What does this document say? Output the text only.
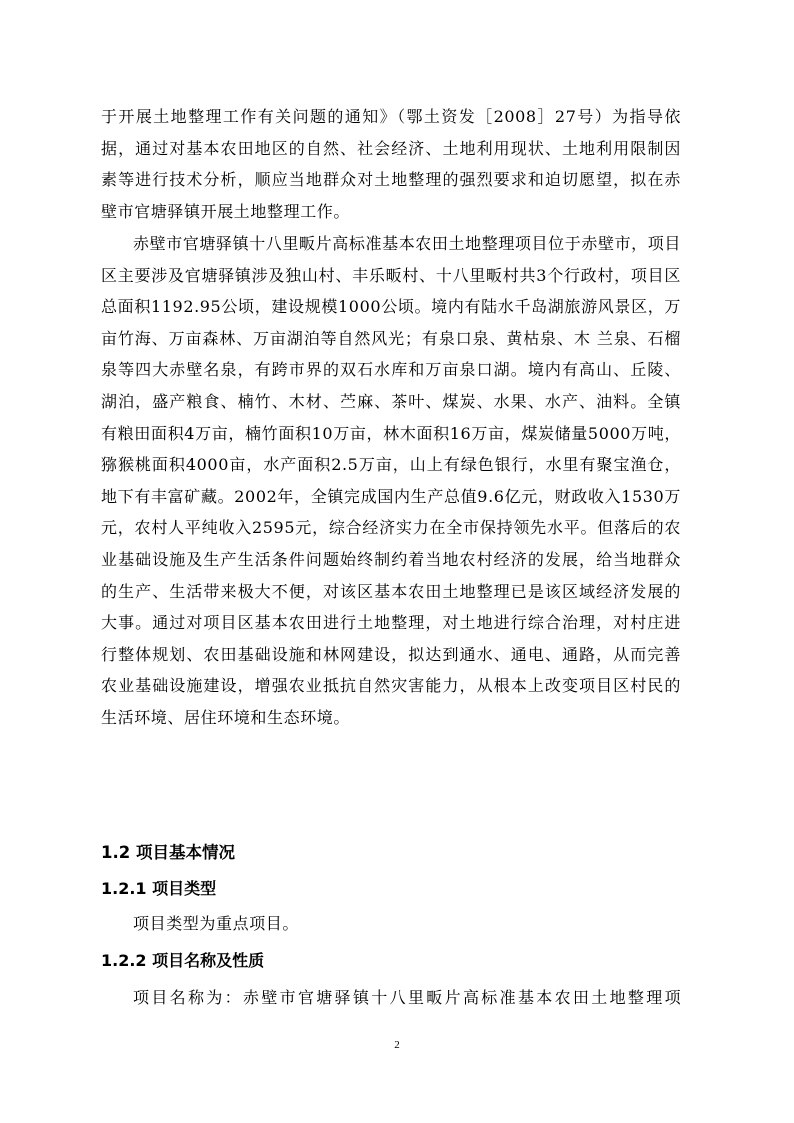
于开展土地整理工作有关问题的通知》（鄂土资发［2008］27号）为指导依据，通过对基本农田地区的自然、社会经济、土地利用现状、土地利用限制因素等进行技术分析，顺应当地群众对土地整理的强烈要求和迫切愿望，拟在赤壁市官塘驿镇开展土地整理工作。
赤壁市官塘驿镇十八里畈片高标准基本农田土地整理项目位于赤壁市，项目区主要涉及官塘驿镇涉及独山村、丰乐畈村、十八里畈村共3个行政村，项目区总面积1192.95公顷，建设规模1000公顷。境内有陆水千岛湖旅游风景区，万亩竹海、万亩森林、万亩湖泊等自然风光；有泉口泉、黄枯泉、木 兰泉、石榴泉等四大赤壁名泉，有跨市界的双石水库和万亩泉口湖。境内有高山、丘陵、湖泊，盛产粮食、楠竹、木材、苎麻、茶叶、煤炭、水果、水产、油料。全镇有粮田面积4万亩，楠竹面积10万亩，林木面积16万亩，煤炭储量5000万吨，猕猴桃面积4000亩，水产面积2.5万亩，山上有绿色银行，水里有聚宝渔仓，地下有丰富矿藏。2002年，全镇完成国内生产总值9.6亿元，财政收入1530万元，农村人平纯收入2595元，综合经济实力在全市保持领先水平。但落后的农业基础设施及生产生活条件问题始终制约着当地农村经济的发展，给当地群众的生产、生活带来极大不便，对该区基本农田土地整理已是该区域经济发展的大事。通过对项目区基本农田进行土地整理，对土地进行综合治理，对村庄进行整体规划、农田基础设施和林网建设，拟达到通水、通电、通路，从而完善农业基础设施建设，增强农业抵抗自然灾害能力，从根本上改变项目区村民的生活环境、居住环境和生态环境。
1.2 项目基本情况
1.2.1 项目类型
项目类型为重点项目。
1.2.2 项目名称及性质
项目名称为：赤壁市官塘驿镇十八里畈片高标准基本农田土地整理项
2
